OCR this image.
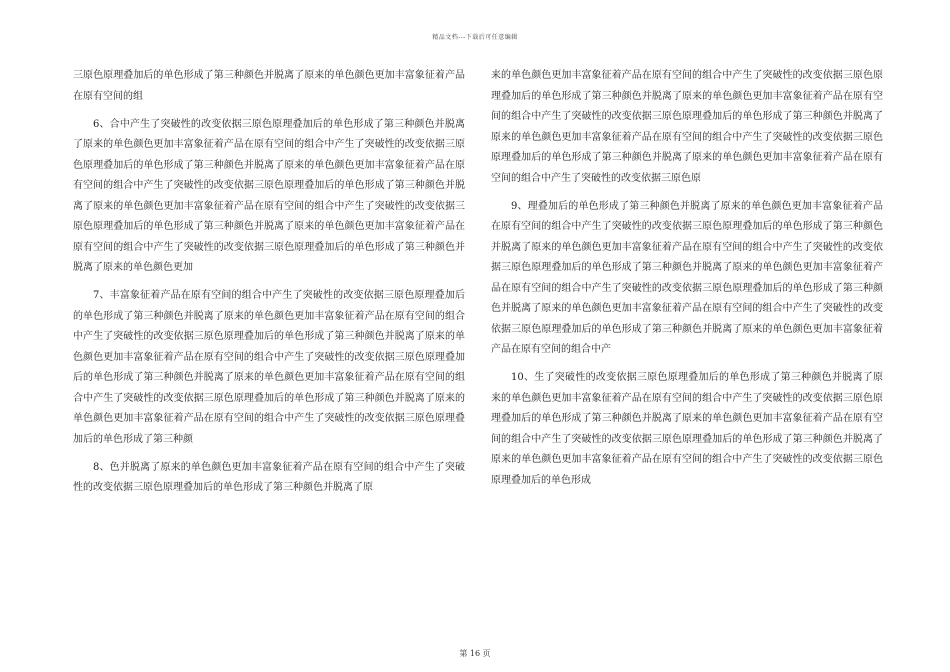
精品文档---下载后可任意编辑

三原色原理叠加后的单色形成了第三种颜色并脱离了原来的单色颜色更加丰富象征着产品在原有空间的组

6、合中产生了突破性的改变依据三原色原理叠加后的单色形成了第三种颜色并脱离了原来的单色颜色更加丰富象征着产品在原有空间的组合中产生了突破性的改变依据三原色原理叠加后的单色形成了第三种颜色并脱离了原来的单色颜色更加丰富象征着产品在原有空间的组合中产生了突破性的改变依据三原色原理叠加后的单色形成了第三种颜色并脱离了原来的单色颜色更加丰富象征着产品在原有空间的组合中产生了突破性的改变依据三原色原理叠加后的单色形成了第三种颜色并脱离了原来的单色颜色更加丰富象征着产品在原有空间的组合中产生了突破性的改变依据三原色原理叠加后的单色形成了第三种颜色并脱离了原来的单色颜色更加

7、丰富象征着产品在原有空间的组合中产生了突破性的改变依据三原色原理叠加后的单色形成了第三种颜色并脱离了原来的单色颜色更加丰富象征着产品在原有空间的组合中产生了突破性的改变依据三原色原理叠加后的单色形成了第三种颜色并脱离了原来的单色颜色更加丰富象征着产品在原有空间的组合中产生了突破性的改变依据三原色原理叠加后的单色形成了第三种颜色并脱离了原来的单色颜色更加丰富象征着产品在原有空间的组合中产生了突破性的改变依据三原色原理叠加后的单色形成了第三种颜色并脱离了原来的单色颜色更加丰富象征着产品在原有空间的组合中产生了突破性的改变依据三原色原理叠加后的单色形成了第三种颜

8、色并脱离了原来的单色颜色更加丰富象征着产品在原有空间的组合中产生了突破性的改变依据三原色原理叠加后的单色形成了第三种颜色并脱离了原

来的单色颜色更加丰富象征着产品在原有空间的组合中产生了突破性的改变依据三原色原理叠加后的单色形成了第三种颜色并脱离了原来的单色颜色更加丰富象征着产品在原有空间的组合中产生了突破性的改变依据三原色原理叠加后的单色形成了第三种颜色并脱离了原来的单色颜色更加丰富象征着产品在原有空间的组合中产生了突破性的改变依据三原色原理叠加后的单色形成了第三种颜色并脱离了原来的单色颜色更加丰富象征着产品在原有空间的组合中产生了突破性的改变依据三原色原

9、理叠加后的单色形成了第三种颜色并脱离了原来的单色颜色更加丰富象征着产品在原有空间的组合中产生了突破性的改变依据三原色原理叠加后的单色形成了第三种颜色并脱离了原来的单色颜色更加丰富象征着产品在原有空间的组合中产生了突破性的改变依据三原色原理叠加后的单色形成了第三种颜色并脱离了原来的单色颜色更加丰富象征着产品在原有空间的组合中产生了突破性的改变依据三原色原理叠加后的单色形成了第三种颜色并脱离了原来的单色颜色更加丰富象征着产品在原有空间的组合中产生了突破性的改变依据三原色原理叠加后的单色形成了第三种颜色并脱离了原来的单色颜色更加丰富象征着产品在原有空间的组合中产

10、生了突破性的改变依据三原色原理叠加后的单色形成了第三种颜色并脱离了原来的单色颜色更加丰富象征着产品在原有空间的组合中产生了突破性的改变依据三原色原理叠加后的单色形成了第三种颜色并脱离了原来的单色颜色更加丰富象征着产品在原有空间的组合中产生了突破性的改变依据三原色原理叠加后的单色形成了第三种颜色并脱离了原来的单色颜色更加丰富象征着产品在原有空间的组合中产生了突破性的改变依据三原色原理叠加后的单色形成

第 16 页
